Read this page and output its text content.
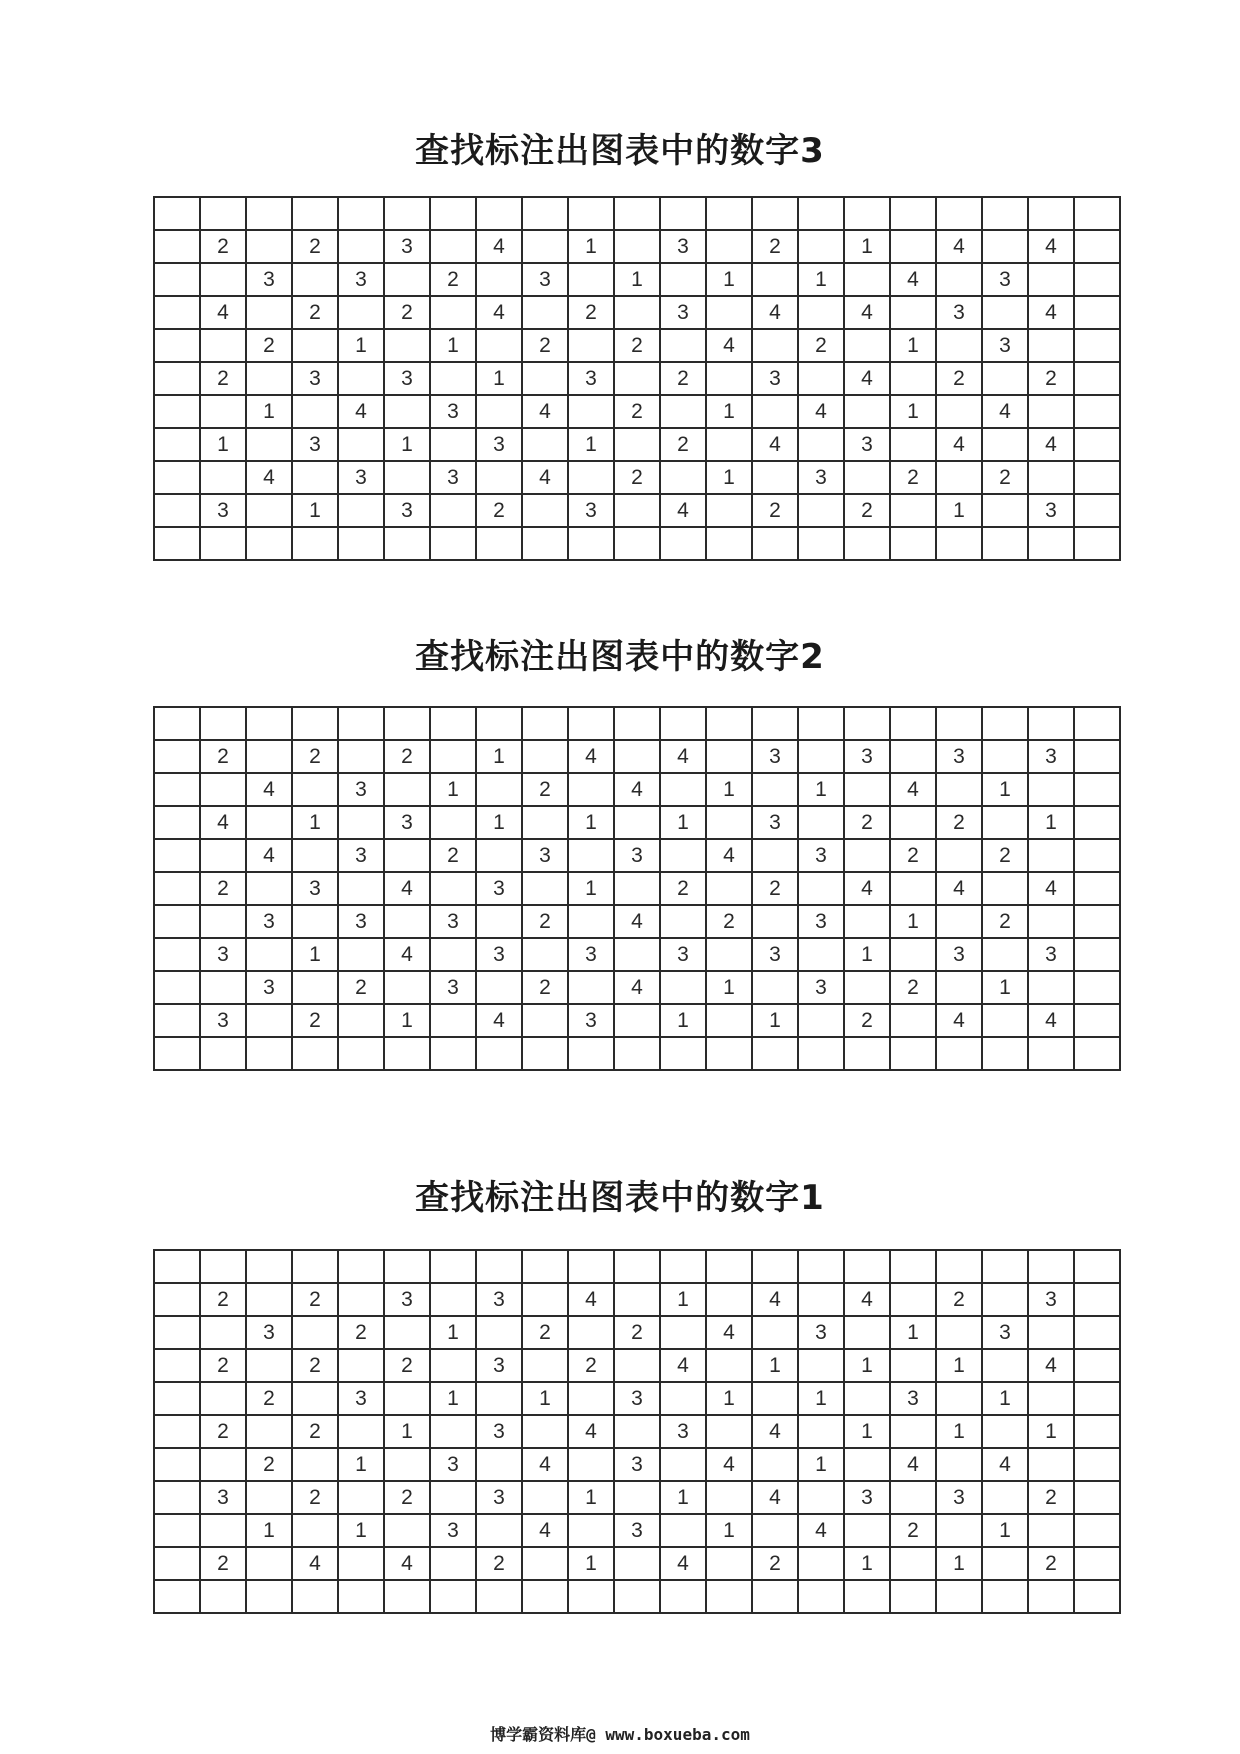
查找标注出图表中的数字3

	2		2		3		4		1		3		2		1		4		4	
		3		3		2		3		1		1		1		4		3		
	4		2		2		4		2		3		4		4		3		4	
		2		1		1		2		2		4		2		1		3		
	2		3		3		1		3		2		3		4		2		2	
		1		4		3		4		2		1		4		1		4		
	1		3		1		3		1		2		4		3		4		4	
		4		3		3		4		2		1		3		2		2		
	3		1		3		2		3		4		2		2		1		3	

查找标注出图表中的数字2

	2		2		2		1		4		4		3		3		3		3	
		4		3		1		2		4		1		1		4		1		
	4		1		3		1		1		1		3		2		2		1	
		4		3		2		3		3		4		3		2		2		
	2		3		4		3		1		2		2		4		4		4	
		3		3		3		2		4		2		3		1		2		
	3		1		4		3		3		3		3		1		3		3	
		3		2		3		2		4		1		3		2		1		
	3		2		1		4		3		1		1		2		4		4	

查找标注出图表中的数字1

	2		2		3		3		4		1		4		4		2		3	
		3		2		1		2		2		4		3		1		3		
	2		2		2		3		2		4		1		1		1		4	
		2		3		1		1		3		1		1		3		1		
	2		2		1		3		4		3		4		1		1		1	
		2		1		3		4		3		4		1		4		4		
	3		2		2		3		1		1		4		3		3		2	
		1		1		3		4		3		1		4		2		1		
	2		4		4		2		1		4		2		1		1		2	

博学霸资料库@ www.boxueba.com
